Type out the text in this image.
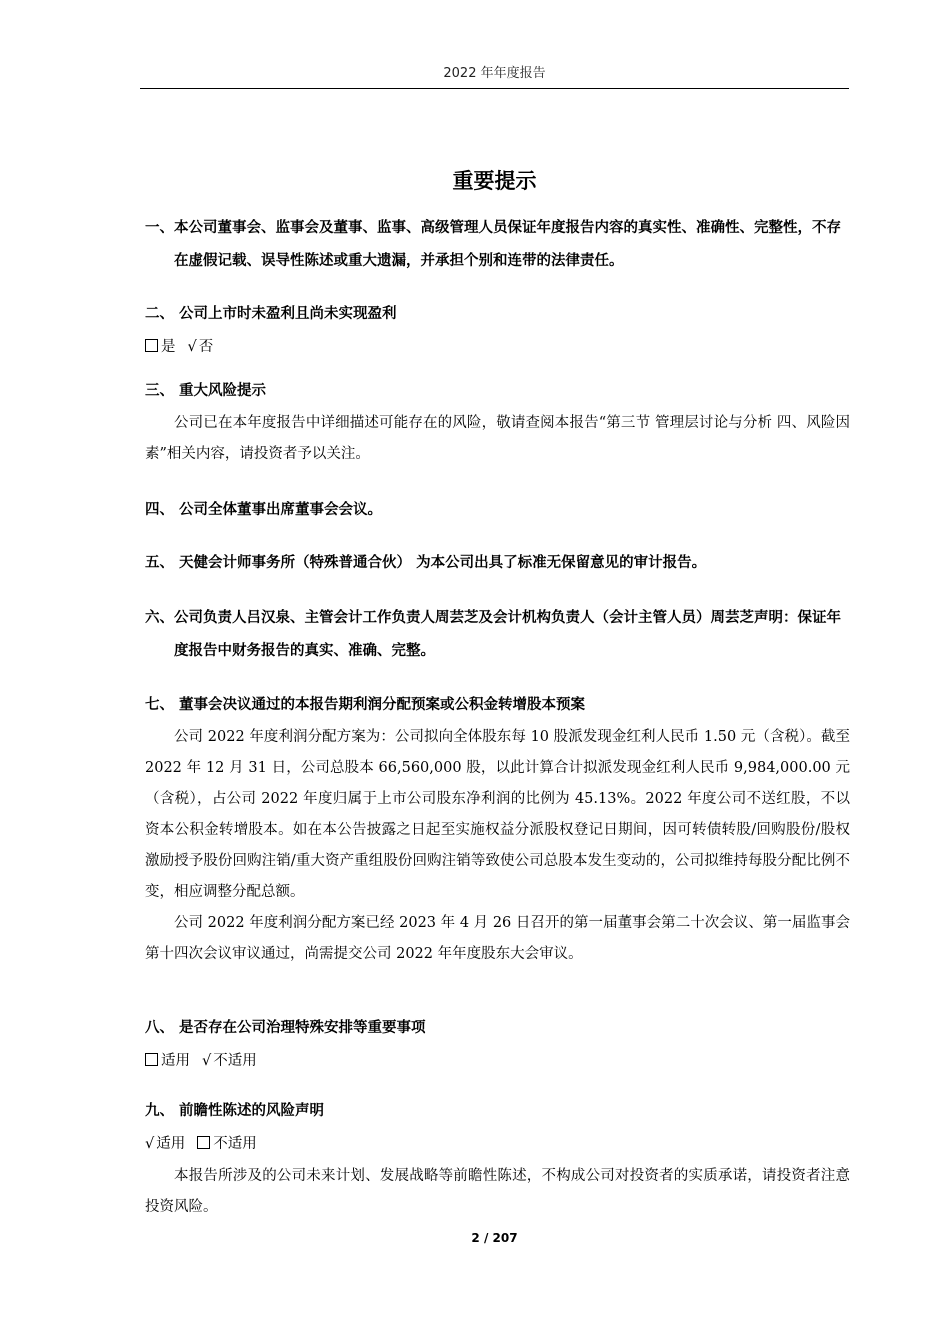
2022 年年度报告
重要提示
一、本公司董事会、监事会及董事、监事、高级管理人员保证年度报告内容的真实性、准确性、完整性，不存在虚假记载、误导性陈述或重大遗漏，并承担个别和连带的法律责任。
二、 公司上市时未盈利且尚未实现盈利
是 √ 否
三、 重大风险提示

公司已在本年度报告中详细描述可能存在的风险，敬请查阅本报告“第三节 管理层讨论与分析 四、风险因素”相关内容，请投资者予以关注。

四、 公司全体董事出席董事会会议。
五、 天健会计师事务所（特殊普通合伙） 为本公司出具了标准无保留意见的审计报告。
六、公司负责人吕汉泉、主管会计工作负责人周芸芝及会计机构负责人（会计主管人员）周芸芝声明：保证年度报告中财务报告的真实、准确、完整。
七、 董事会决议通过的本报告期利润分配预案或公积金转增股本预案

公司 2022 年度利润分配方案为：公司拟向全体股东每 10 股派发现金红利人民币 1.50 元（含税）。截至 2022 年 12 月 31 日，公司总股本 66,560,000 股，以此计算合计拟派发现金红利人民币 9,984,000.00 元（含税），占公司 2022 年度归属于上市公司股东净利润的比例为 45.13%。2022 年度公司不送红股，不以资本公积金转增股本。如在本公告披露之日起至实施权益分派股权登记日期间，因可转债转股/回购股份/股权激励授予股份回购注销/重大资产重组股份回购注销等致使公司总股本发生变动的，公司拟维持每股分配比例不变，相应调整分配总额。

公司 2022 年度利润分配方案已经 2023 年 4 月 26 日召开的第一届董事会第二十次会议、第一届监事会第十四次会议审议通过，尚需提交公司 2022 年年度股东大会审议。

八、 是否存在公司治理特殊安排等重要事项
适用 √ 不适用
九、 前瞻性陈述的风险声明
√ 适用 不适用

本报告所涉及的公司未来计划、发展战略等前瞻性陈述，不构成公司对投资者的实质承诺，请投资者注意投资风险。

2 / 207
